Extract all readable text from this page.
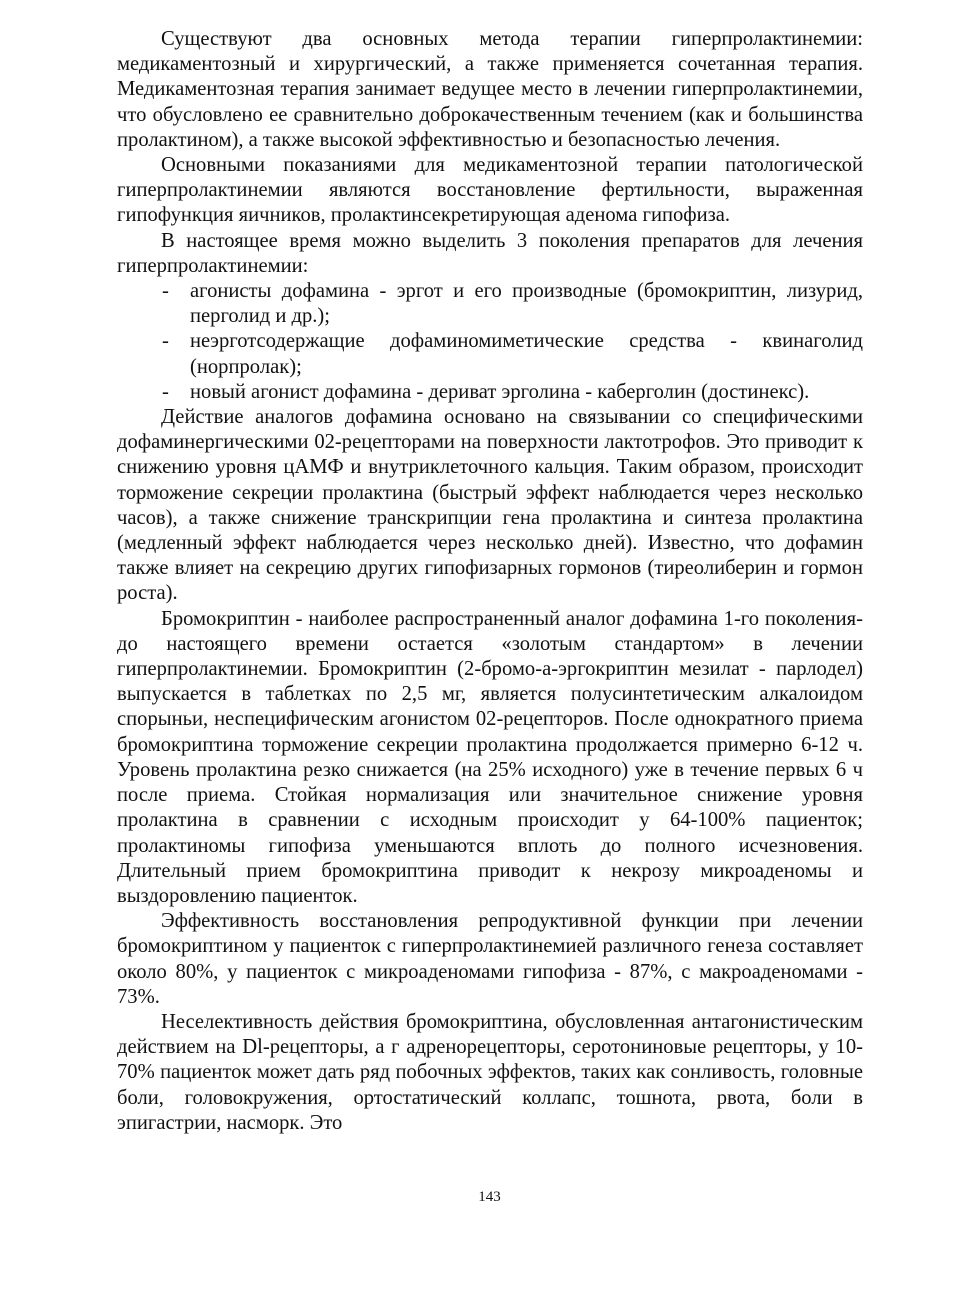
Существуют два основных метода терапии гиперпролактинемии: медикаментозный и хирургический, а также применяется сочетанная терапия. Медикаментозная терапия занимает ведущее место в лечении гиперпролактинемии, что обусловлено ее сравнительно доброкачественным течением (как и большинства пролактином), а также высокой эффективностью и безопасностью лечения.

Основными показаниями для медикаментозной терапии патологической гиперпролактинемии являются восстановление фертильности, выраженная гипофункция яичников, пролактинсекретирующая аденома гипофиза.

В настоящее время можно выделить 3 поколения препаратов для лечения гиперпролактинемии:

- агонисты дофамина - эргот и его производные (бромокриптин, лизурид, перголид и др.);
- неэрготсодержащие дофаминомиметические средства - квинаголид (норпролак);
- новый агонист дофамина - дериват эрголина - каберголин (достинекс).

Действие аналогов дофамина основано на связывании со специфическими дофаминергическими 02-рецепторами на поверхности лактотрофов. Это приводит к снижению уровня цАМФ и внутриклеточного кальция. Таким образом, происходит торможение секреции пролактина (быстрый эффект наблюдается через несколько часов), а также снижение транскрипции гена пролактина и синтеза пролактина (медленный эффект наблюдается через несколько дней). Известно, что дофамин также влияет на секрецию других гипофизарных гормонов (тиреолиберин и гормон роста).

Бромокриптин - наиболее распространенный аналог дофамина 1-го поколения-до настоящего времени остается «золотым стандартом» в лечении гиперпролактинемии. Бромокриптин (2-бромо-а-эргокриптин мезилат - парлодел) выпускается в таблетках по 2,5 мг, является полусинтетическим алкалоидом спорыньи, неспецифическим агонистом 02-рецепторов. После однократного приема бромокриптина торможение секреции пролактина продолжается примерно 6-12 ч. Уровень пролактина резко снижается (на 25% исходного) уже в течение первых 6 ч после приема. Стойкая нормализация или значительное снижение уровня пролактина в сравнении с исходным происходит у 64-100% пациенток; пролактиномы гипофиза уменьшаются вплоть до полного исчезновения. Длительный прием бромокриптина приводит к некрозу микроаденомы и выздоровлению пациенток.

Эффективность восстановления репродуктивной функции при лечении бромокриптином у пациенток с гиперпролактинемией различного генеза составляет около 80%, у пациенток с микроаденомами гипофиза - 87%, с макроаденомами - 73%.

Неселективность действия бромокриптина, обусловленная антагонистическим действием на Dl-рецепторы, а г адренорецепторы, серотониновые рецепторы, у 10-70% пациенток может дать ряд побочных эффектов, таких как сонливость, головные боли, головокружения, ортостатический коллапс, тошнота, рвота, боли в эпигастрии, насморк. Это

143
